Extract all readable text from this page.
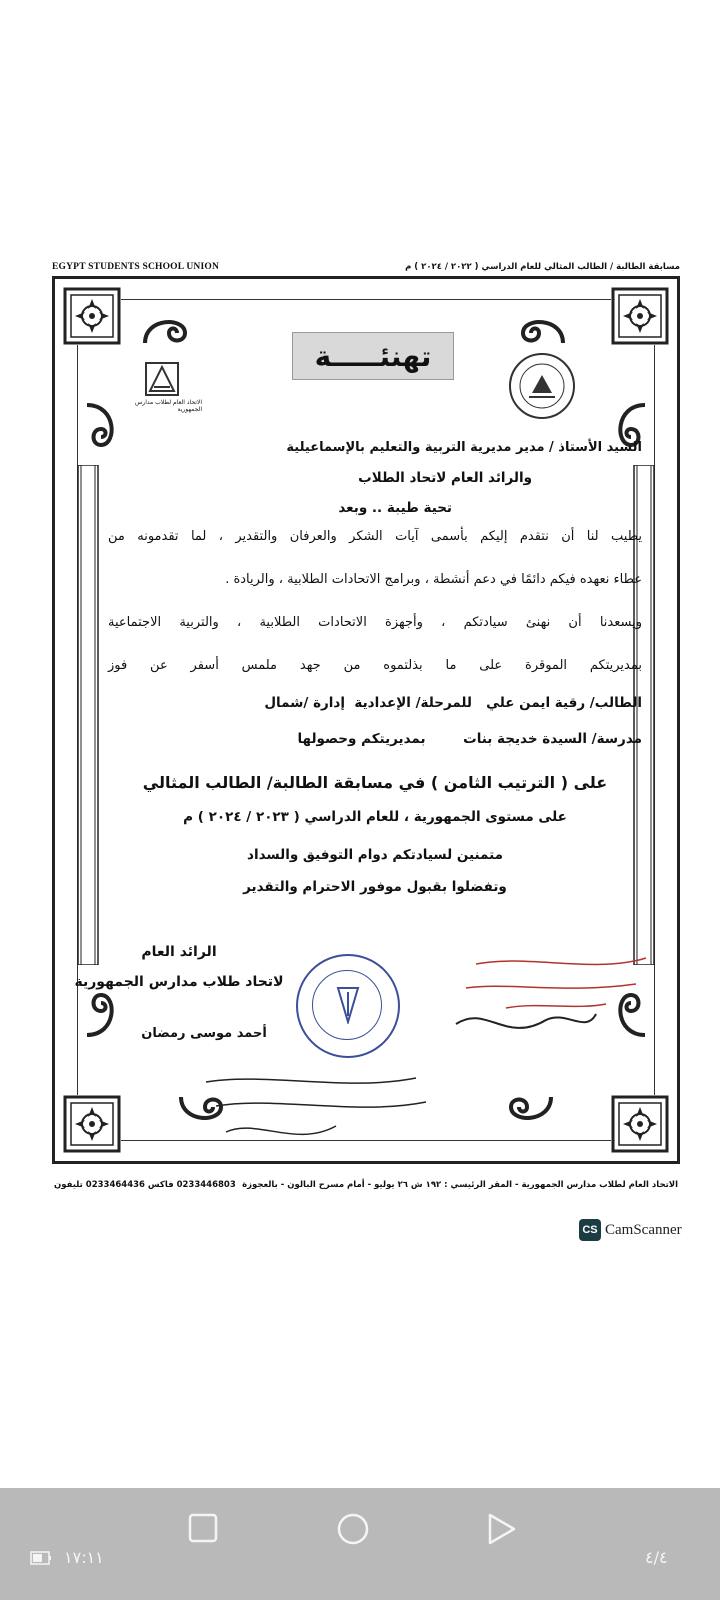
EGYPT STUDENTS SCHOOL UNION	مسابقة الطالبة / الطالب المثالي للعام الدراسي ( ٢٠٢٢ / ٢٠٢٤ ) م
الاتحاد العام لطلاب مدارس الجمهورية
تهنئـــــة

السيد الأستاذ / مدير مديرية التربية والتعليم بالإسماعيلية

والرائد العام لاتحاد الطلاب

تحية طيبة .. وبعد

يطيب لنا أن نتقدم إليكم بأسمى آيات الشكر والعرفان والتقدير ، لما تقدمونه من

عطاء نعهده فيكم دائمًا في دعم أنشطة ، وبرامج الاتحادات الطلابية ، والريادة .

ويسعدنا أن نهنئ سيادتكم ، وأجهزة الاتحادات الطلابية ، والتربية الاجتماعية

بمديريتكم الموقرة على ما بذلتموه من جهد ملمس أسفر عن فوز

الطالب/ رقية ايمن علي   للمرحلة/ الإعدادية  إدارة /شمال

مدرسة/ السيدة خديجة بنات        بمديريتكم وحصولها

على ( الترتيب الثامن ) في مسابقة الطالبة/ الطالب المثالي

على مستوى الجمهورية ، للعام الدراسي ( ٢٠٢٣ / ٢٠٢٤ ) م

متمنين لسيادتكم دوام التوفيق والسداد

وتفضلوا بقبول موفور الاحترام والتقدير

الرائد العام
لاتحاد طلاب مدارس الجمهورية
أحمد موسى رمضان
0233446803 فاكس 0233464436 تليفون الاتحاد العام لطلاب مدارس الجمهورية - المقر الرئيسي : ١٩٢ ش ٢٦ يوليو - أمام مسرح البالون - بالعجوزة
CS CamScanner
١٧:١١	٤/٤
